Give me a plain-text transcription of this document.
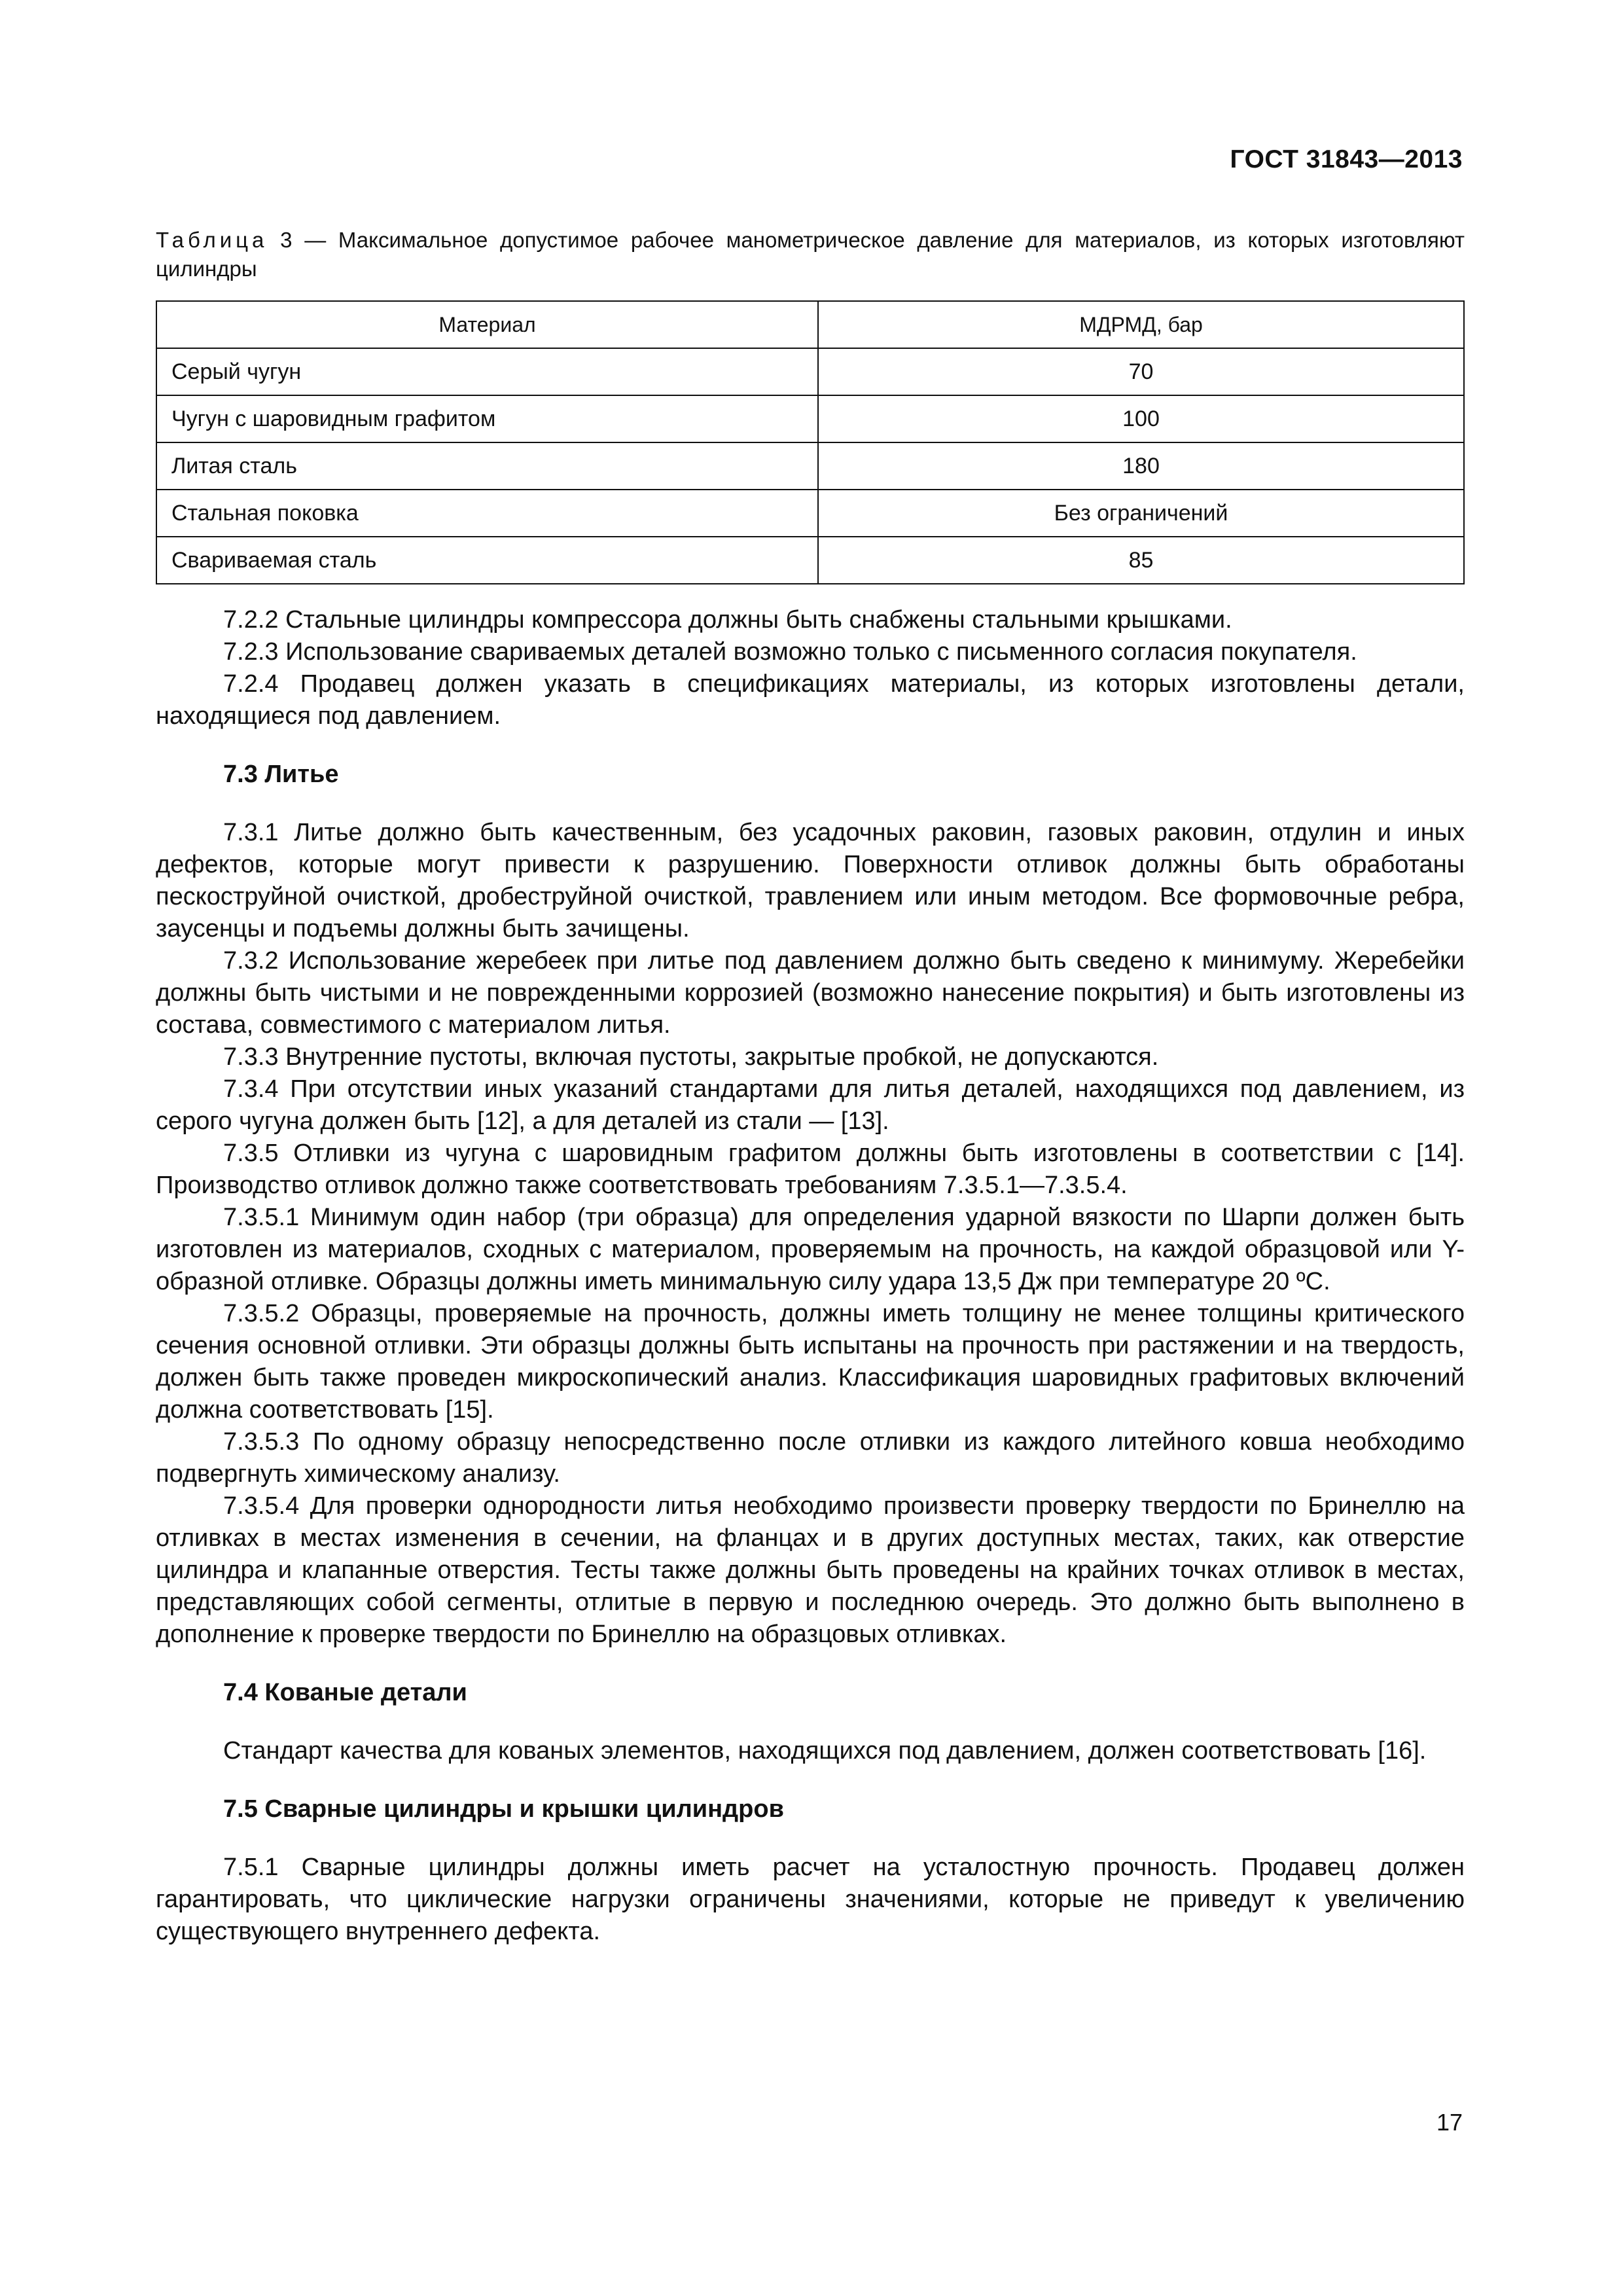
ГОСТ 31843—2013
Таблица 3 — Максимальное допустимое рабочее манометрическое давление для материалов, из которых изготовляют цилиндры
Материал	МДРМД, бар
Серый чугун	70
Чугун с шаровидным графитом	100
Литая сталь	180
Стальная поковка	Без ограничений
Свариваемая сталь	85

7.2.2 Стальные цилиндры компрессора должны быть снабжены стальными крышками.

7.2.3 Использование свариваемых деталей возможно только с письменного согласия покупателя.

7.2.4 Продавец должен указать в спецификациях материалы, из которых изготовлены детали, находящиеся под давлением.

7.3 Литье

7.3.1 Литье должно быть качественным, без усадочных раковин, газовых раковин, отдулин и иных дефектов, которые могут привести к разрушению. Поверхности отливок должны быть обработаны пескоструйной очисткой, дробеструйной очисткой, травлением или иным методом. Все формовочные ребра, заусенцы и подъемы должны быть зачищены.

7.3.2 Использование жеребеек при литье под давлением должно быть сведено к минимуму. Жеребейки должны быть чистыми и не поврежденными коррозией (возможно нанесение покрытия) и быть изготовлены из состава, совместимого с материалом литья.

7.3.3 Внутренние пустоты, включая пустоты, закрытые пробкой, не допускаются.

7.3.4 При отсутствии иных указаний стандартами для литья деталей, находящихся под давлением, из серого чугуна должен быть [12], а для деталей из стали — [13].

7.3.5 Отливки из чугуна с шаровидным графитом должны быть изготовлены в соответствии с [14]. Производство отливок должно также соответствовать требованиям 7.3.5.1—7.3.5.4.

7.3.5.1 Минимум один набор (три образца) для определения ударной вязкости по Шарпи должен быть изготовлен из материалов, сходных с материалом, проверяемым на прочность, на каждой образцовой или Y-образной отливке. Образцы должны иметь минимальную силу удара 13,5 Дж при температуре 20 ºС.

7.3.5.2 Образцы, проверяемые на прочность, должны иметь толщину не менее толщины критического сечения основной отливки. Эти образцы должны быть испытаны на прочность при растяжении и на твердость, должен быть также проведен микроскопический анализ. Классификация шаровидных графитовых включений должна соответствовать [15].

7.3.5.3 По одному образцу непосредственно после отливки из каждого литейного ковша необходимо подвергнуть химическому анализу.

7.3.5.4 Для проверки однородности литья необходимо произвести проверку твердости по Бринеллю на отливках в местах изменения в сечении, на фланцах и в других доступных местах, таких, как отверстие цилиндра и клапанные отверстия. Тесты также должны быть проведены на крайних точках отливок в местах, представляющих собой сегменты, отлитые в первую и последнюю очередь. Это должно быть выполнено в дополнение к проверке твердости по Бринеллю на образцовых отливках.

7.4 Кованые детали

Стандарт качества для кованых элементов, находящихся под давлением, должен соответствовать [16].

7.5 Сварные цилиндры и крышки цилиндров

7.5.1 Сварные цилиндры должны иметь расчет на усталостную прочность. Продавец должен гарантировать, что циклические нагрузки ограничены значениями, которые не приведут к увеличению существующего внутреннего дефекта.

17
